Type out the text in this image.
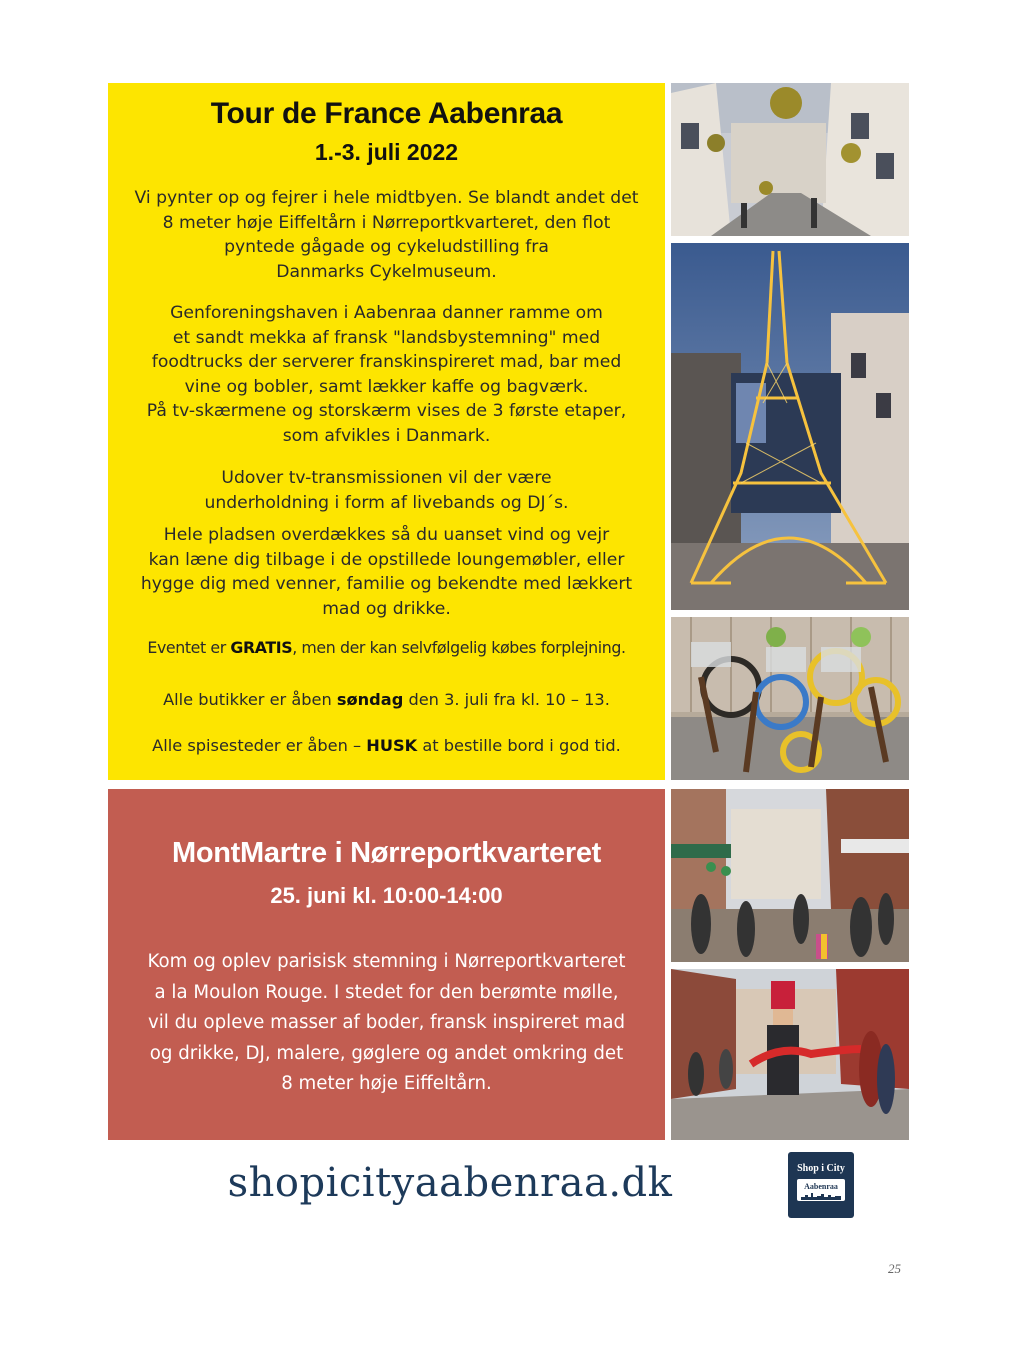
Tour de France Aabenraa
1.-3. juli 2022
Vi pynter op og fejrer i hele midtbyen. Se blandt andet det
8 meter høje Eiffeltårn i Nørreportkvarteret, den flot
pyntede gågade og cykeludstilling fra
Danmarks Cykelmuseum.
Genforeningshaven i Aabenraa danner ramme om
et sandt mekka af fransk "landsbystemning" med
foodtrucks der serverer franskinspireret mad, bar med
vine og bobler, samt lækker kaffe og bagværk.
På tv-skærmene og storskærm vises de 3 første etaper,
som afvikles i Danmark.
Udover tv-transmissionen vil der være
underholdning i form af livebands og DJ´s.
Hele pladsen overdækkes så du uanset vind og vejr
kan læne dig tilbage i de opstillede loungemøbler, eller
hygge dig med venner, familie og bekendte med lækkert
mad og drikke.
Eventet er GRATIS, men der kan selvfølgelig købes forplejning.
Alle butikker er åben søndag den 3. juli fra kl. 10 – 13.
Alle spisesteder er åben – HUSK at bestille bord i god tid.
MontMartre i Nørreportkvarteret
25. juni kl. 10:00-14:00
Kom og oplev parisisk stemning i Nørreportkvarteret
a la Moulon Rouge. I stedet for den berømte mølle,
vil du opleve masser af boder, fransk inspireret mad
og drikke, DJ, malere, gøglere og andet omkring det
8 meter høje Eiffeltårn.
shopicityaabenraa.dk	Shop i City
Aabenraa
25
